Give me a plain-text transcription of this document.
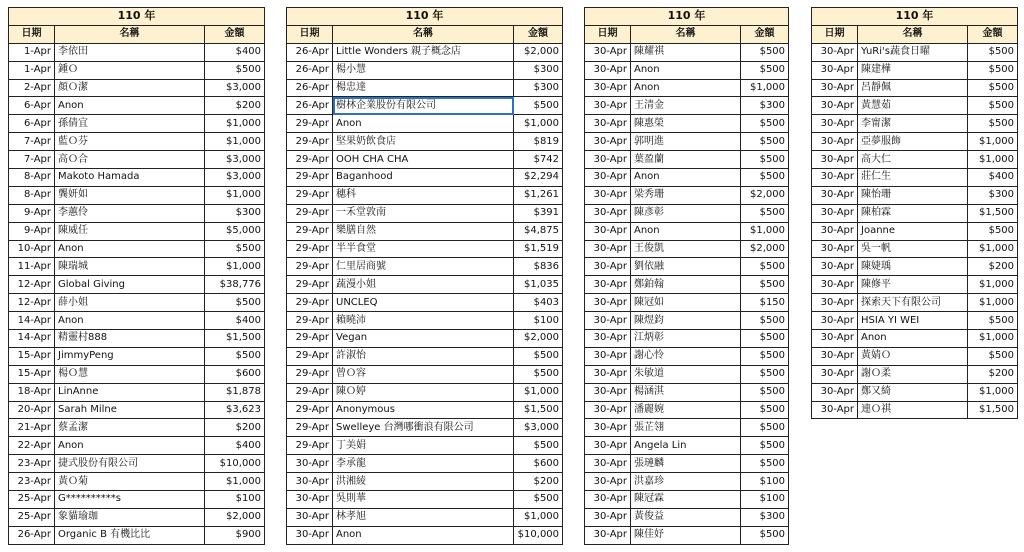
110 年		
日期	名稱	金額
1-Apr	李依田	$400
1-Apr	鍾Ｏ	$500
2-Apr	顏Ｏ潔	$3,000
6-Apr	Anon	$200
6-Apr	孫倩宜	$1,000
7-Apr	藍Ｏ芬	$1,000
7-Apr	高Ｏ合	$3,000
8-Apr	Makoto Hamada	$3,000
8-Apr	龔妍如	$1,000
9-Apr	李蕙伶	$300
9-Apr	陳威任	$5,000
10-Apr	Anon	$500
11-Apr	陳瑞城	$1,000
12-Apr	Global Giving	$38,776
12-Apr	薛小姐	$500
14-Apr	Anon	$400
14-Apr	精靈村888	$1,500
15-Apr	JimmyPeng	$500
15-Apr	楊Ｏ慧	$600
18-Apr	LinAnne	$1,878
20-Apr	Sarah Milne	$3,623
21-Apr	蔡孟潔	$200
22-Apr	Anon	$400
23-Apr	捷式股份有限公司	$10,000
23-Apr	黃Ｏ菊	$1,000
25-Apr	G**********s	$100
25-Apr	象貓瑜珈	$2,000
26-Apr	Organic B 有機比比	$900
110 年		
日期	名稱	金額
26-Apr	Little Wonders 親子概念店	$2,000
26-Apr	楊小慧	$300
26-Apr	楊忠達	$300
26-Apr	樹林企業股份有限公司	$500
29-Apr	Anon	$1,000
29-Apr	堅果奶飲食店	$819
29-Apr	OOH CHA CHA	$742
29-Apr	Baganhood	$2,294
29-Apr	穗科	$1,261
29-Apr	一禾堂敦南	$391
29-Apr	樂膳自然	$4,875
29-Apr	半半食堂	$1,519
29-Apr	仁里居商號	$836
29-Apr	蔬漫小姐	$1,035
29-Apr	UNCLEQ	$403
29-Apr	賴曉沛	$100
29-Apr	Vegan	$2,000
29-Apr	許淑怡	$500
29-Apr	曾Ｏ容	$500
29-Apr	陳Ｏ婷	$1,000
29-Apr	Anonymous	$1,500
29-Apr	Swelleye 台灣哪衝浪有限公司	$3,000
29-Apr	丁美娟	$500
30-Apr	李承龍	$600
30-Apr	洪湘綾	$200
30-Apr	吳則華	$500
30-Apr	林孝旭	$1,000
30-Apr	Anon	$10,000
110 年		
日期	名稱	金額
30-Apr	陳耀祺	$500
30-Apr	Anon	$500
30-Apr	Anon	$1,000
30-Apr	王清金	$300
30-Apr	陳惠榮	$500
30-Apr	郭明進	$500
30-Apr	葉盈蘭	$500
30-Apr	Anon	$500
30-Apr	梁秀珊	$2,000
30-Apr	陳彥彰	$500
30-Apr	Anon	$1,000
30-Apr	王俊凱	$2,000
30-Apr	劉依融	$500
30-Apr	鄭鉑翰	$500
30-Apr	陳冠如	$150
30-Apr	陳煜鈞	$500
30-Apr	江炳彰	$500
30-Apr	謝心怜	$500
30-Apr	朱敏道	$500
30-Apr	楊涵淇	$500
30-Apr	潘麗婉	$500
30-Apr	張芷翎	$500
30-Apr	Angela Lin	$500
30-Apr	張璉麟	$500
30-Apr	洪嘉珍	$100
30-Apr	陳冠霖	$100
30-Apr	黃俊益	$300
30-Apr	陳佳妤	$500
110 年		
日期	名稱	金額
30-Apr	YuRi's蔬食日曜	$500
30-Apr	陳建樺	$500
30-Apr	呂靜佩	$500
30-Apr	黃慧茹	$500
30-Apr	李甯潔	$500
30-Apr	亞夢服飾	$1,000
30-Apr	高大仁	$1,000
30-Apr	莊仁生	$400
30-Apr	陳怡珊	$300
30-Apr	陳柏霖	$1,500
30-Apr	Joanne	$500
30-Apr	吳一帆	$1,000
30-Apr	陳婕瑀	$200
30-Apr	陳修平	$1,000
30-Apr	探索天下有限公司	$1,000
30-Apr	HSIA YI WEI	$500
30-Apr	Anon	$1,000
30-Apr	黃婧Ｏ	$500
30-Apr	謝Ｏ柔	$200
30-Apr	鄭又綺	$1,000
30-Apr	連Ｏ祺	$1,500
